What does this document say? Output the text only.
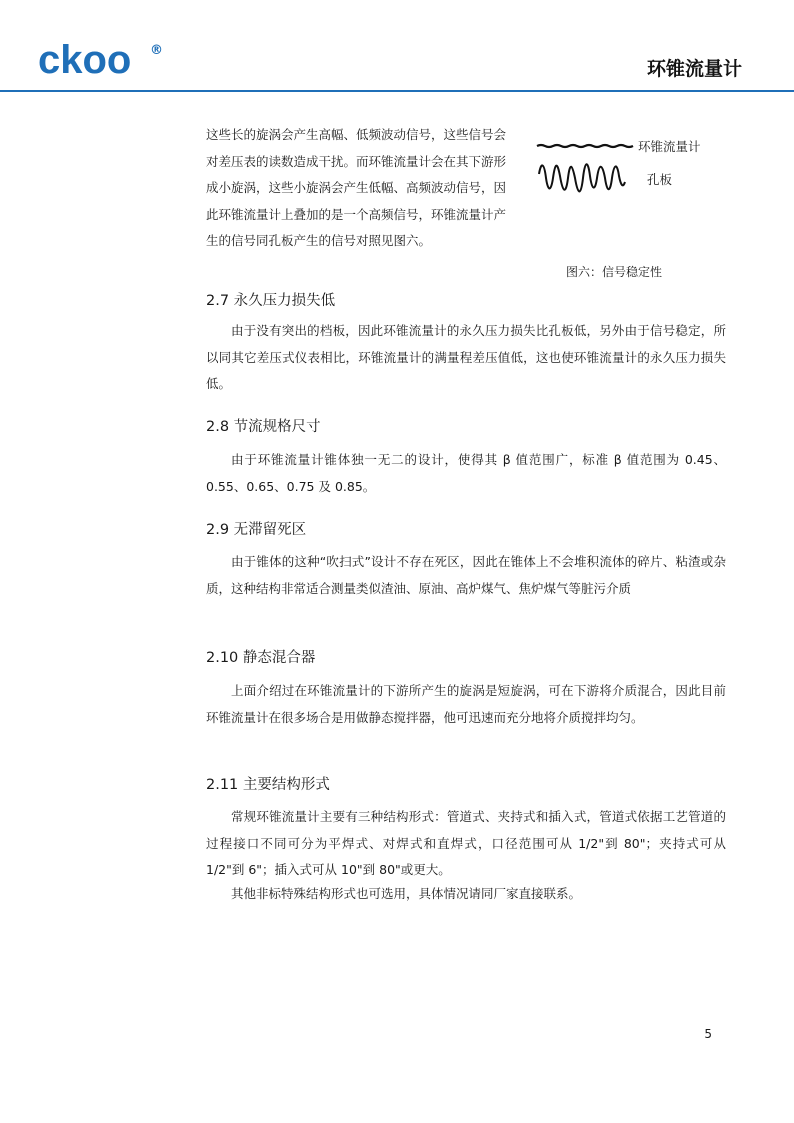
ckoo ®
环锥流量计

这些长的旋涡会产生高幅、低频波动信号，这些信号会对差压表的读数造成干扰。而环锥流量计会在其下游形成小旋涡，这些小旋涡会产生低幅、高频波动信号，因此环锥流量计上叠加的是一个高频信号，环锥流量计产生的信号同孔板产生的信号对照见图六。

环锥流量计
孔板
图六：信号稳定性
2.7 永久压力损失低

由于没有突出的档板，因此环锥流量计的永久压力损失比孔板低，另外由于信号稳定，所以同其它差压式仪表相比，环锥流量计的满量程差压值低，这也使环锥流量计的永久压力损失低。

2.8 节流规格尺寸

由于环锥流量计锥体独一无二的设计，使得其 β 值范围广，标准 β 值范围为 0.45、0.55、0.65、0.75 及 0.85。

2.9 无滞留死区

由于锥体的这种“吹扫式”设计不存在死区，因此在锥体上不会堆积流体的碎片、粘渣或杂质，这种结构非常适合测量类似渣油、原油、高炉煤气、焦炉煤气等脏污介质

2.10 静态混合器

上面介绍过在环锥流量计的下游所产生的旋涡是短旋涡，可在下游将介质混合，因此目前环锥流量计在很多场合是用做静态搅拌器，他可迅速而充分地将介质搅拌均匀。

2.11 主要结构形式

常规环锥流量计主要有三种结构形式：管道式、夹持式和插入式，管道式依据工艺管道的过程接口不同可分为平焊式、对焊式和直焊式，口径范围可从 1/2"到 80"；夹持式可从 1/2"到 6"；插入式可从 10"到 80"或更大。

其他非标特殊结构形式也可选用，具体情况请同厂家直接联系。

5
